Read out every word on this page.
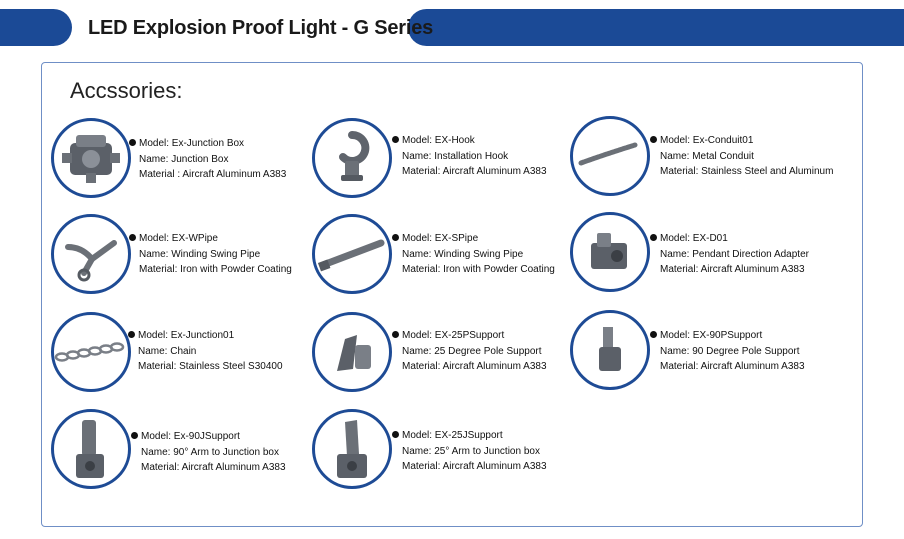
LED Explosion Proof Light - G Series
Accssories:
Model: Ex-Junction Box
Name: Junction Box
Material : Aircraft Aluminum A383
Model: EX-Hook
Name: Installation Hook
Material: Aircraft Aluminum A383
Model: Ex-Conduit01
Name: Metal Conduit
Material: Stainless Steel and Aluminum
Model: EX-WPipe
Name: Winding Swing Pipe
Material: Iron with Powder Coating
Model: EX-SPipe
Name: Winding Swing Pipe
Material: Iron with Powder Coating
Model: EX-D01
Name: Pendant Direction Adapter
Material: Aircraft Aluminum A383
Model: Ex-Junction01
Name: Chain
Material: Stainless Steel S30400
Model: EX-25PSupport
Name: 25 Degree Pole Support
Material: Aircraft Aluminum A383
Model: EX-90PSupport
Name: 90 Degree Pole Support
Material: Aircraft Aluminum A383
Model: Ex-90JSupport
Name: 90° Arm to Junction box
Material: Aircraft Aluminum A383
Model: EX-25JSupport
Name: 25° Arm to Junction box
Material: Aircraft Aluminum A383
